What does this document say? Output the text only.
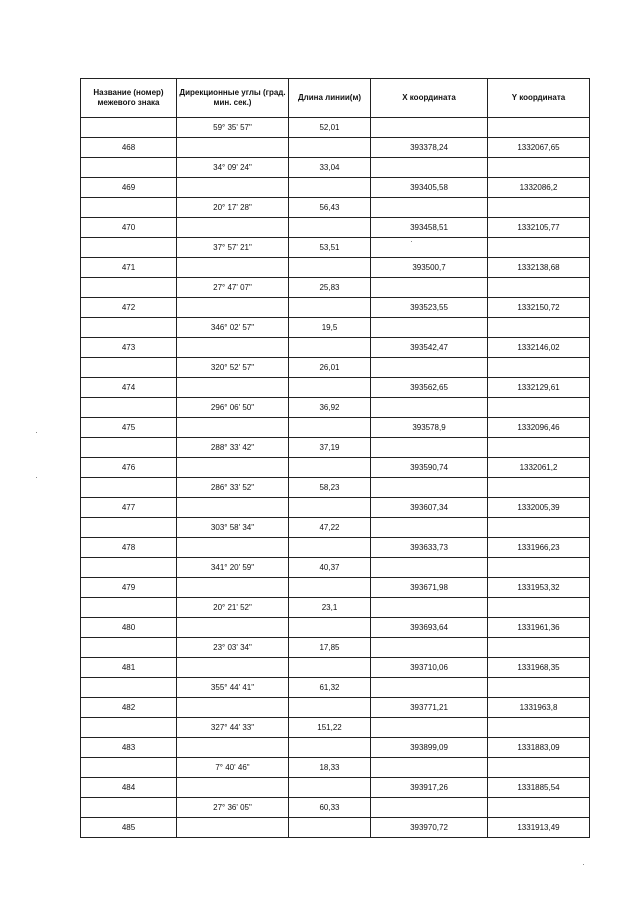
Название (номер) межевого знака	Дирекционные углы (град. мин. сек.)	Длина линии(м)	X координата	Y координата
	59° 35' 57"	52,01		
468			393378,24	1332067,65
	34° 09' 24"	33,04		
469			393405,58	1332086,2
	20° 17' 28"	56,43		
470			393458,51	1332105,77
	37° 57' 21"	53,51		
471			393500,7	1332138,68
	27° 47' 07"	25,83		
472			393523,55	1332150,72
	346° 02' 57"	19,5		
473			393542,47	1332146,02
	320° 52' 57"	26,01		
474			393562,65	1332129,61
	296° 06' 50"	36,92		
475			393578,9	1332096,46
	288° 33' 42"	37,19		
476			393590,74	1332061,2
	286° 33' 52"	58,23		
477			393607,34	1332005,39
	303° 58' 34"	47,22		
478			393633,73	1331966,23
	341° 20' 59"	40,37		
479			393671,98	1331953,32
	20° 21' 52"	23,1		
480			393693,64	1331961,36
	23° 03' 34"	17,85		
481			393710,06	1331968,35
	355° 44' 41"	61,32		
482			393771,21	1331963,8
	327° 44' 33"	151,22		
483			393899,09	1331883,09
	7° 40' 46"	18,33		
484			393917,26	1331885,54
	27° 36' 05"	60,33		
485			393970,72	1331913,49
